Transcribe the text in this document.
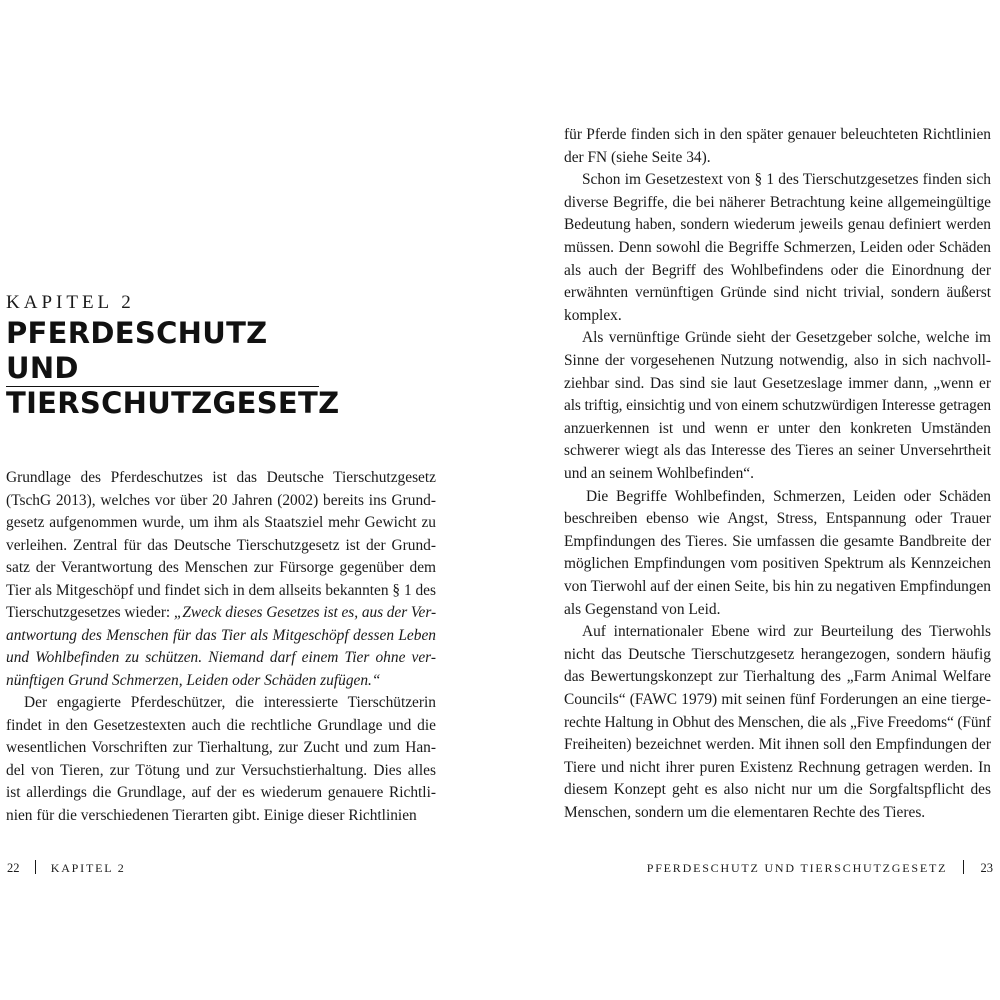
KAPITEL 2
PFERDESCHUTZ UND
TIERSCHUTZGESETZ
Grundlage des Pferdeschutzes ist das Deutsche Tierschutzgesetz
(TschG 2013), welches vor über 20 Jahren (2002) bereits ins Grund-
gesetz aufgenommen wurde, um ihm als Staatsziel mehr Gewicht zu
verleihen. Zentral für das Deutsche Tierschutzgesetz ist der Grund-
satz der Verantwortung des Menschen zur Fürsorge gegenüber dem
Tier als Mitgeschöpf und findet sich in dem allseits bekannten § 1 des
Tierschutzgesetzes wieder: „Zweck dieses Gesetzes ist es, aus der Ver-
antwortung des Menschen für das Tier als Mitgeschöpf dessen Leben
und Wohlbefinden zu schützen. Niemand darf einem Tier ohne ver-
nünftigen Grund Schmerzen, Leiden oder Schäden zufügen.“
Der engagierte Pferdeschützer, die interessierte Tierschützerin
findet in den Gesetzestexten auch die rechtliche Grundlage und die
wesentlichen Vorschriften zur Tierhaltung, zur Zucht und zum Han-
del von Tieren, zur Tötung und zur Versuchstierhaltung. Dies alles
ist allerdings die Grundlage, auf der es wiederum genauere Richtli-
nien für die verschiedenen Tierarten gibt. Einige dieser Richtlinien
22	KAPITEL 2
für Pferde finden sich in den später genauer beleuchteten Richtlinien
der FN (siehe Seite 34).
Schon im Gesetzestext von § 1 des Tierschutzgesetzes finden sich
diverse Begriffe, die bei näherer Betrachtung keine allgemeingültige
Bedeutung haben, sondern wiederum jeweils genau definiert werden
müssen. Denn sowohl die Begriffe Schmerzen, Leiden oder Schäden
als auch der Begriff des Wohlbefindens oder die Einordnung der
erwähnten vernünftigen Gründe sind nicht trivial, sondern äußerst
komplex.
Als vernünftige Gründe sieht der Gesetzgeber solche, welche im
Sinne der vorgesehenen Nutzung notwendig, also in sich nachvoll-
ziehbar sind. Das sind sie laut Gesetzeslage immer dann, „wenn er
als triftig, einsichtig und von einem schutzwürdigen Interesse getragen
anzuerkennen ist und wenn er unter den konkreten Umständen
schwerer wiegt als das Interesse des Tieres an seiner Unversehrtheit
und an seinem Wohlbefinden“.
Die Begriffe Wohlbefinden, Schmerzen, Leiden oder Schäden
beschreiben ebenso wie Angst, Stress, Entspannung oder Trauer
Empfindungen des Tieres. Sie umfassen die gesamte Bandbreite der
möglichen Empfindungen vom positiven Spektrum als Kennzeichen
von Tierwohl auf der einen Seite, bis hin zu negativen Empfindungen
als Gegenstand von Leid.
Auf internationaler Ebene wird zur Beurteilung des Tierwohls
nicht das Deutsche Tierschutzgesetz herangezogen, sondern häufig
das Bewertungskonzept zur Tierhaltung des „Farm Animal Welfare
Councils“ (FAWC 1979) mit seinen fünf Forderungen an eine tierge-
rechte Haltung in Obhut des Menschen, die als „Five Freedoms“ (Fünf
Freiheiten) bezeichnet werden. Mit ihnen soll den Empfindungen der
Tiere und nicht ihrer puren Existenz Rechnung getragen werden. In
diesem Konzept geht es also nicht nur um die Sorgfaltspflicht des
Menschen, sondern um die elementaren Rechte des Tieres.
PFERDESCHUTZ UND TIERSCHUTZGESETZ	23
